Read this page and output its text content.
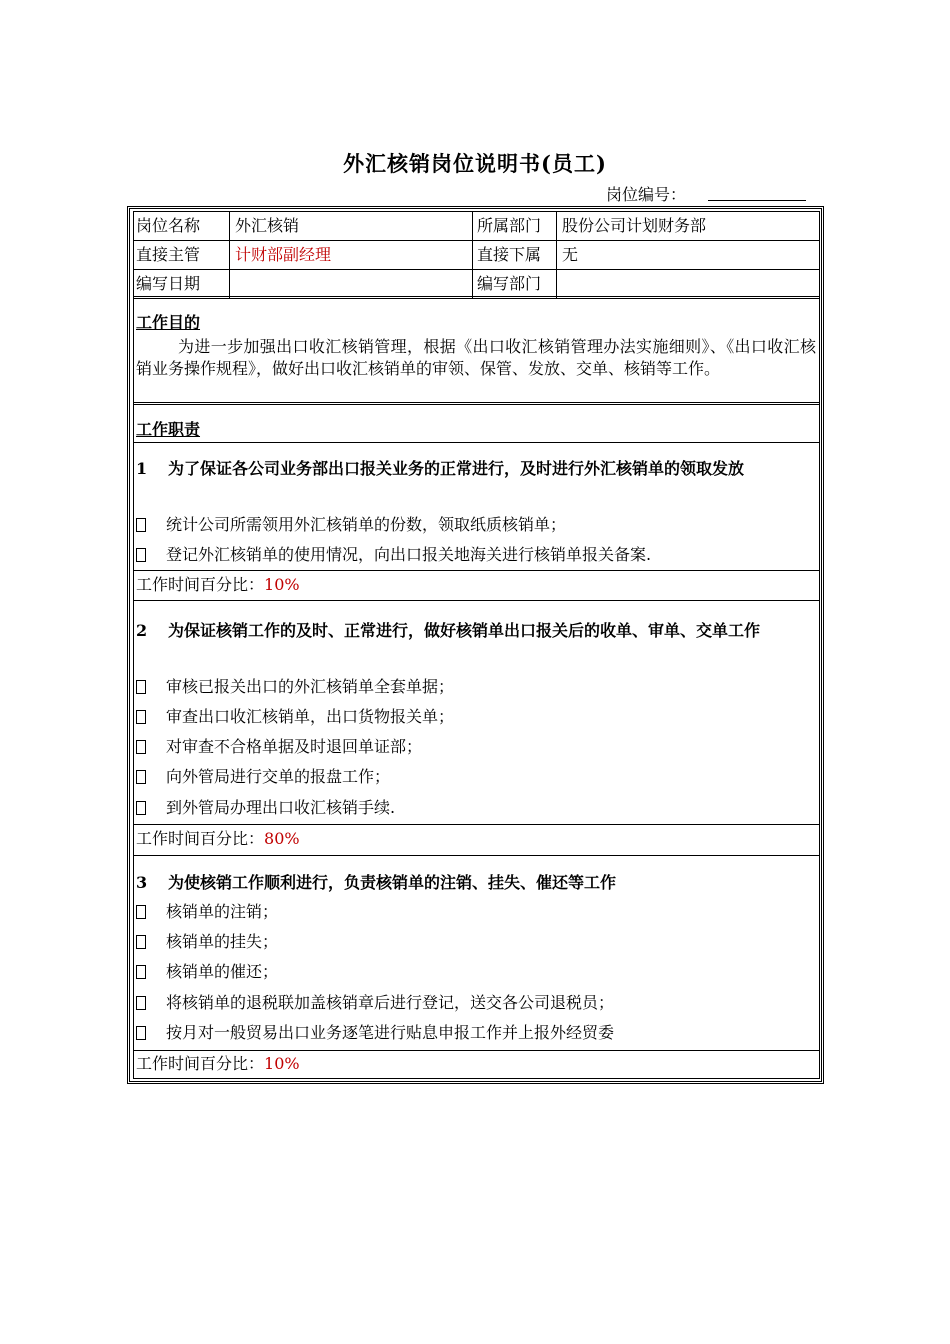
外汇核销岗位说明书(员工)
岗位编号：
岗位名称 外汇核销	所属部门 股份公司计划财务部
直接主管 计财部副经理	直接下属 无
编写日期	编写部门
工作目的
为进一步加强出口收汇核销管理，根据《出口收汇核销管理办法实施细则》、《出口收汇核销业务操作规程》，做好出口收汇核销单的审领、保管、发放、交单、核销等工作。
工作职责
1 为了保证各公司业务部出口报关业务的正常进行，及时进行外汇核销单的领取发放
统计公司所需领用外汇核销单的份数，领取纸质核销单；
登记外汇核销单的使用情况，向出口报关地海关进行核销单报关备案.
工作时间百分比：10%
2 为保证核销工作的及时、正常进行，做好核销单出口报关后的收单、审单、交单工作
审核已报关出口的外汇核销单全套单据；
审查出口收汇核销单，出口货物报关单；
对审查不合格单据及时退回单证部；
向外管局进行交单的报盘工作；
到外管局办理出口收汇核销手续.
工作时间百分比：80%
3 为使核销工作顺利进行，负责核销单的注销、挂失、催还等工作
核销单的注销；
核销单的挂失；
核销单的催还；
将核销单的退税联加盖核销章后进行登记，送交各公司退税员；
按月对一般贸易出口业务逐笔进行贴息申报工作并上报外经贸委
工作时间百分比：10%
